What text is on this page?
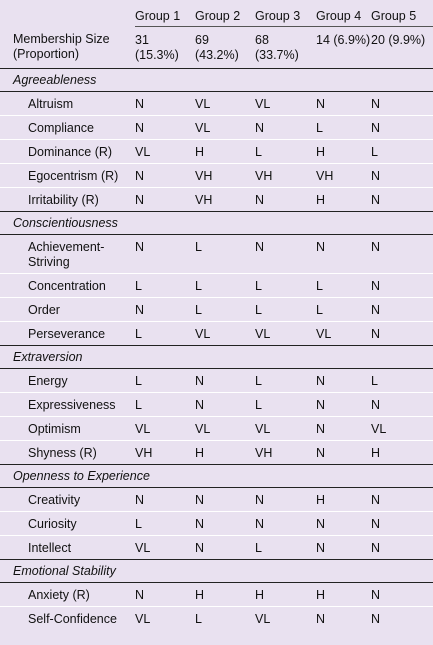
	Group 1	Group 2	Group 3	Group 4	Group 5
Membership Size (Proportion)	31 (15.3%)	69 (43.2%)	68 (33.7%)	14 (6.9%)	20 (9.9%)
Agreeableness					
Altruism	N	VL	VL	N	N
Compliance	N	VL	N	L	N
Dominance (R)	VL	H	L	H	L
Egocentrism (R)	N	VH	VH	VH	N
Irritability (R)	N	VH	N	H	N
Conscientiousness					
Achievement-Striving	N	L	N	N	N
Concentration	L	L	L	L	N
Order	N	L	L	L	N
Perseverance	L	VL	VL	VL	N
Extraversion					
Energy	L	N	L	N	L
Expressiveness	L	N	L	N	N
Optimism	VL	VL	VL	N	VL
Shyness (R)	VH	H	VH	N	H
Openness to Experience					
Creativity	N	N	N	H	N
Curiosity	L	N	N	N	N
Intellect	VL	N	L	N	N
Emotional Stability					
Anxiety (R)	N	H	H	H	N
Self-Confidence	VL	L	VL	N	N
